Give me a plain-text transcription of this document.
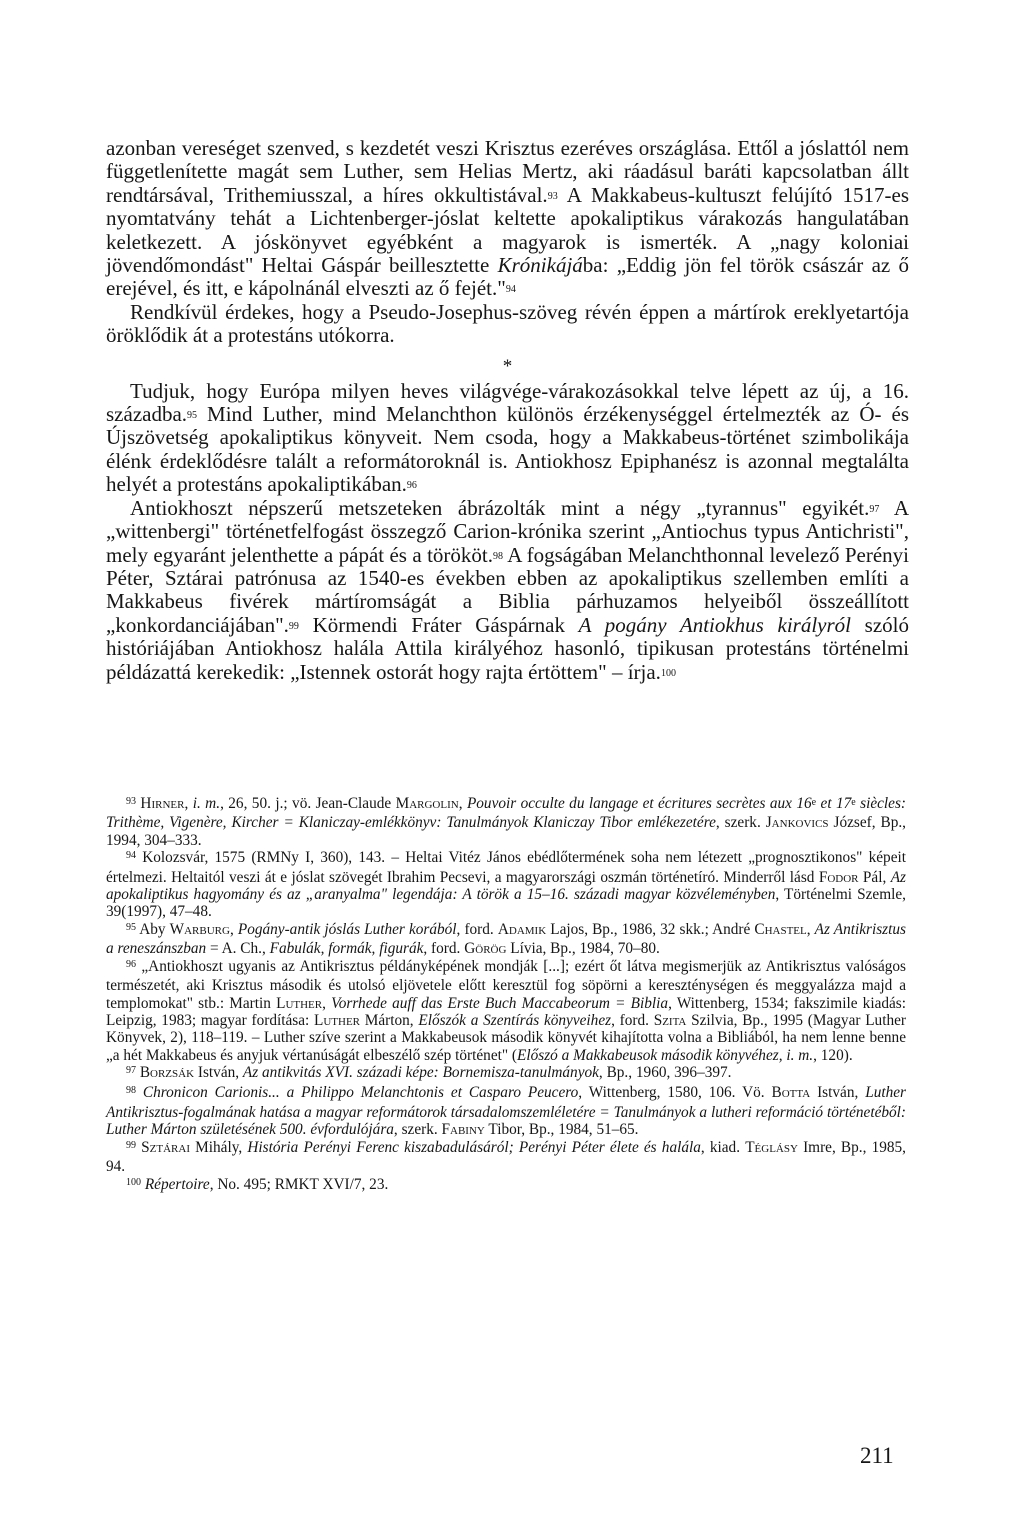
azonban vereséget szenved, s kezdetét veszi Krisztus ezeréves országlása. Ettől a jóslattól nem függetlenítette magát sem Luther, sem Helias Mertz, aki ráadásul baráti kapcsolatban állt rendtársával, Trithemiusszal, a híres okkultistával.$^{93}$ A Makkabeus-kultuszt felújító 1517-es nyomtatvány tehát a Lichtenberger-jóslat keltette apokaliptikus várakozás hangulatában keletkezett. A jóskönyvet egyébként a magyarok is ismerték. A „nagy koloniai jövendőmondást" Heltai Gáspár beillesztette Krónikájába: „Eddig jön fel török császár az ő erejével, és itt, e kápolnánál elveszti az ő fejét."$^{94}$

Rendkívül érdekes, hogy a Pseudo-Josephus-szöveg révén éppen a mártírok ereklyetartója öröklődik át a protestáns utókorra.

*

Tudjuk, hogy Európa milyen heves világvége-várakozásokkal telve lépett az új, a 16. századba.$^{95}$ Mind Luther, mind Melanchthon különös érzékenységgel értelmezték az Ó- és Újszövetség apokaliptikus könyveit. Nem csoda, hogy a Makkabeus-történet szimbolikája élénk érdeklődésre talált a reformátoroknál is. Antiokhosz Epiphanész is azonnal megtalálta helyét a protestáns apokaliptikában.$^{96}$

Antiokhoszt népszerű metszeteken ábrázolták mint a négy „tyrannus" egyikét.$^{97}$ A „wittenbergi" történetfelfogást összegző Carion-krónika szerint „Antiochus typus Antichristi", mely egyaránt jelenthette a pápát és a törököt.$^{98}$ A fogságában Melanchthonnal levelező Perényi Péter, Sztárai patrónusa az 1540-es években ebben az apokaliptikus szellemben említi a Makkabeus fivérek mártíromságát a Biblia párhuzamos helyeiből összeállított „konkordanciájában".$^{99}$ Körmendi Fráter Gáspárnak A pogány Antiokhus királyról szóló históriájában Antiokhosz halála Attila királyéhoz hasonló, tipikusan protestáns történelmi példázattá kerekedik: „Istennek ostorát hogy rajta értöttem" – írja.$^{100}$

$^{93}$ Hirner, i. m., 26, 50. j.; vö. Jean-Claude Margolin, Pouvoir occulte du langage et écritures secrètes aux 16e et 17e siècles: Trithème, Vigenère, Kircher = Klaniczay-emlékkönyv: Tanulmányok Klaniczay Tibor emlékezetére, szerk. Jankovics József, Bp., 1994, 304–333.

$^{94}$ Kolozsvár, 1575 (RMNy I, 360), 143. – Heltai Vitéz János ebédlőtermének soha nem létezett „prognosztikonos" képeit értelmezi. Heltaitól veszi át e jóslat szövegét Ibrahim Pecsevi, a magyarországi oszmán történetíró. Minderről lásd Fodor Pál, Az apokaliptikus hagyomány és az „aranyalma" legendája: A török a 15–16. századi magyar közvéleményben, Történelmi Szemle, 39(1997), 47–48.

$^{95}$ Aby Warburg, Pogány-antik jóslás Luther korából, ford. Adamik Lajos, Bp., 1986, 32 skk.; André Chastel, Az Antikrisztus a reneszánszban = A. Ch., Fabulák, formák, figurák, ford. Görög Lívia, Bp., 1984, 70–80.

$^{96}$ „Antiokhoszt ugyanis az Antikrisztus példányképének mondják [...]; ezért őt látva megismerjük az Antikrisztus valóságos természetét, aki Krisztus második és utolsó eljövetele előtt keresztül fog söpörni a kereszténységen és meggyalázza majd a templomokat" stb.: Martin Luther, Vorrhede auff das Erste Buch Maccabeorum = Biblia, Wittenberg, 1534; fakszimile kiadás: Leipzig, 1983; magyar fordítása: Luther Márton, Előszók a Szentírás könyveihez, ford. Szita Szilvia, Bp., 1995 (Magyar Luther Könyvek, 2), 118–119. – Luther szíve szerint a Makkabeusok második könyvét kihajította volna a Bibliából, ha nem lenne benne „a hét Makkabeus és anyjuk vértanúságát elbeszélő szép történet" (Előszó a Makkabeusok második könyvéhez, i. m., 120).

$^{97}$ Borzsák István, Az antikvitás XVI. századi képe: Bornemisza-tanulmányok, Bp., 1960, 396–397.

$^{98}$ Chronicon Carionis... a Philippo Melanchtonis et Casparo Peucero, Wittenberg, 1580, 106. Vö. Botta István, Luther Antikrisztus-fogalmának hatása a magyar reformátorok társadalomszemléletére = Tanulmányok a lutheri reformáció történetéből: Luther Márton születésének 500. évfordulójára, szerk. Fabiny Tibor, Bp., 1984, 51–65.

$^{99}$ Sztárai Mihály, História Perényi Ferenc kiszabadulásáról; Perényi Péter élete és halála, kiad. Téglásy Imre, Bp., 1985, 94.

$^{100}$ Répertoire, No. 495; RMKT XVI/7, 23.

211
